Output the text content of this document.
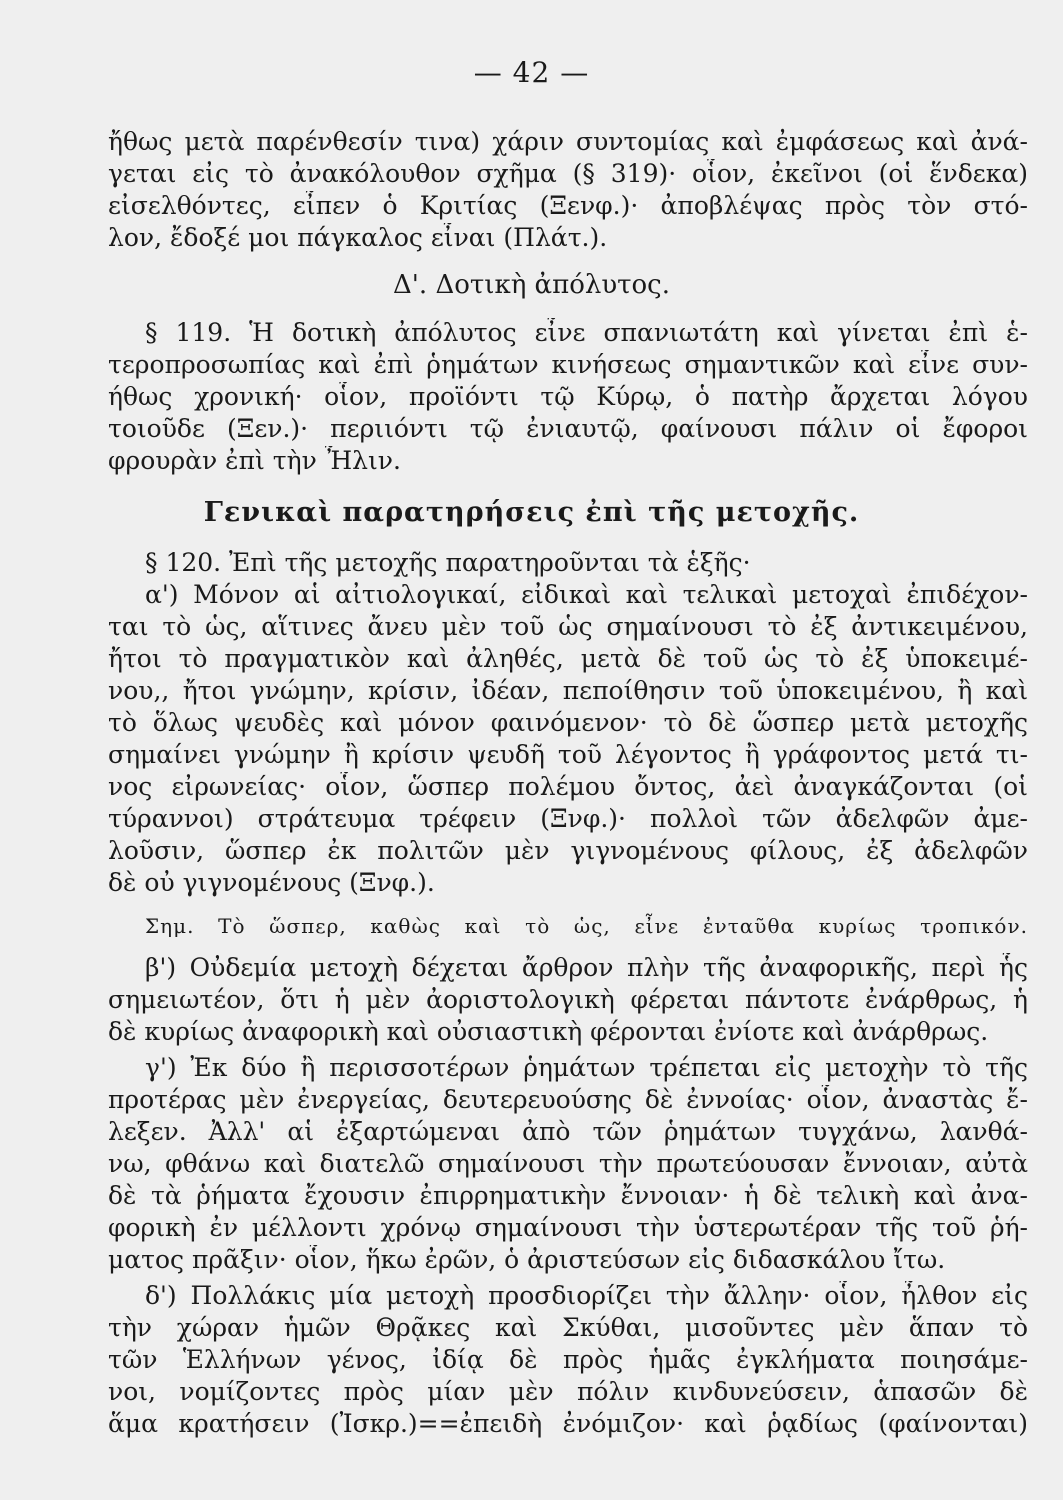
— 42 —
ἤθως μετὰ παρένθεσίν τινα) χάριν συντομίας καὶ ἐμφάσεως καὶ ἀνά-
γεται εἰς τὸ ἀνακόλουθον σχῆμα (§ 319)· οἷον, ἐκεῖνοι (οἱ ἕνδεκα)
εἰσελθόντες, εἶπεν ὁ Κριτίας (Ξενφ.)· ἀποβλέψας πρὸς τὸν στό-
λον, ἔδοξέ μοι πάγκαλος εἶναι (Πλάτ.).
Δ'. Δοτικὴ ἀπόλυτος.
§ 119. Ἡ δοτικὴ ἀπόλυτος εἶνε σπανιωτάτη καὶ γίνεται ἐπὶ ἑ-
τεροπροσωπίας καὶ ἐπὶ ῥημάτων κινήσεως σημαντικῶν καὶ εἶνε συν-
ήθως χρονική· οἷον, προϊόντι τῷ Κύρῳ, ὁ πατὴρ ἄρχεται λόγου
τοιοῦδε (Ξεν.)· περιιόντι τῷ ἐνιαυτῷ, φαίνουσι πάλιν οἱ ἔφοροι
φρουρὰν ἐπὶ τὴν Ἦλιν.
Γενικαὶ παρατηρήσεις ἐπὶ τῆς μετοχῆς.
§ 120. Ἐπὶ τῆς μετοχῆς παρατηροῦνται τὰ ἑξῆς·
α') Μόνον αἱ αἰτιολογικαί, εἰδικαὶ καὶ τελικαὶ μετοχαὶ ἐπιδέχον-
ται τὸ ὡς, αἵτινες ἄνευ μὲν τοῦ ὡς σημαίνουσι τὸ ἐξ ἀντικειμένου,
ἤτοι τὸ πραγματικὸν καὶ ἀληθές, μετὰ δὲ τοῦ ὡς τὸ ἐξ ὑποκειμέ-
νου,, ἤτοι γνώμην, κρίσιν, ἰδέαν, πεποίθησιν τοῦ ὑποκειμένου, ἢ καὶ
τὸ ὅλως ψευδὲς καὶ μόνον φαινόμενον· τὸ δὲ ὥσπερ μετὰ μετοχῆς
σημαίνει γνώμην ἢ κρίσιν ψευδῆ τοῦ λέγοντος ἢ γράφοντος μετά τι-
νος εἰρωνείας· οἷον, ὥσπερ πολέμου ὄντος, ἀεὶ ἀναγκάζονται (οἱ
τύραννοι) στράτευμα τρέφειν (Ξνφ.)· πολλοὶ τῶν ἀδελφῶν ἀμε-
λοῦσιν, ὥσπερ ἐκ πολιτῶν μὲν γιγνομένους φίλους, ἐξ ἀδελφῶν
δὲ οὐ γιγνομένους (Ξνφ.).
Σημ. Τὸ ὥσπερ, καθὼς καὶ τὸ ὡς, εἶνε ἐνταῦθα κυρίως τροπικόν.
β') Οὐδεμία μετοχὴ δέχεται ἄρθρον πλὴν τῆς ἀναφορικῆς, περὶ ἧς
σημειωτέον, ὅτι ἡ μὲν ἀοριστολογικὴ φέρεται πάντοτε ἐνάρθρως, ἡ
δὲ κυρίως ἀναφορικὴ καὶ οὐσιαστικὴ φέρονται ἐνίοτε καὶ ἀνάρθρως.
γ') Ἐκ δύο ἢ περισσοτέρων ῥημάτων τρέπεται εἰς μετοχὴν τὸ τῆς
προτέρας μὲν ἐνεργείας, δευτερευούσης δὲ ἐννοίας· οἷον, ἀναστὰς ἔ-
λεξεν. Ἀλλ' αἱ ἐξαρτώμεναι ἀπὸ τῶν ῥημάτων τυγχάνω, λανθά-
νω, φθάνω καὶ διατελῶ σημαίνουσι τὴν πρωτεύουσαν ἔννοιαν, αὐτὰ
δὲ τὰ ῥήματα ἔχουσιν ἐπιρρηματικὴν ἔννοιαν· ἡ δὲ τελικὴ καὶ ἀνα-
φορικὴ ἐν μέλλοντι χρόνῳ σημαίνουσι τὴν ὑστερωτέραν τῆς τοῦ ῥή-
ματος πρᾶξιν· οἷον, ἥκω ἐρῶν, ὁ ἀριστεύσων εἰς διδασκάλου ἴτω.
δ') Πολλάκις μία μετοχὴ προσδιορίζει τὴν ἄλλην· οἷον, ἦλθον εἰς
τὴν χώραν ἡμῶν Θρᾷκες καὶ Σκύθαι, μισοῦντες μὲν ἅπαν τὸ
τῶν Ἑλλήνων γένος, ἰδίᾳ δὲ πρὸς ἡμᾶς ἐγκλήματα ποιησάμε-
νοι, νομίζοντες πρὸς μίαν μὲν πόλιν κινδυνεύσειν, ἁπασῶν δὲ
ἅμα κρατήσειν (Ἰσκρ.)==ἐπειδὴ ἐνόμιζον· καὶ ῥᾳδίως (φαίνονται)
